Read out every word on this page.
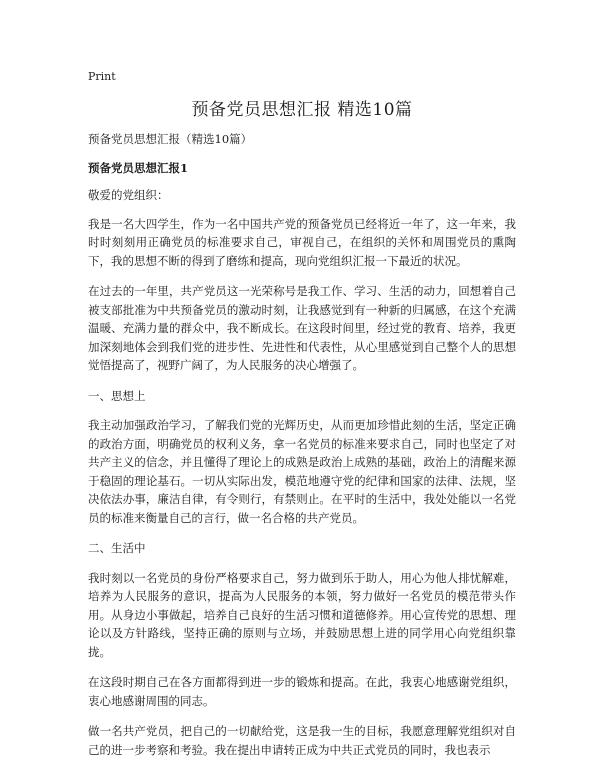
Print
预备党员思想汇报 精选10篇

预备党员思想汇报（精选10篇）

预备党员思想汇报1

敬爱的党组织：

我是一名大四学生，作为一名中国共产党的预备党员已经将近一年了，这一年来，我时时刻刻用正确党员的标准要求自己，审视自己，在组织的关怀和周围党员的熏陶下，我的思想不断的得到了磨练和提高，现向党组织汇报一下最近的状况。

在过去的一年里，共产党员这一光荣称号是我工作、学习、生活的动力，回想着自己被支部批准为中共预备党员的激动时刻，让我感觉到有一种新的归属感，在这个充满温暖、充满力量的群众中，我不断成长。在这段时间里，经过党的教育、培养，我更加深刻地体会到我们党的进步性、先进性和代表性，从心里感觉到自己整个人的思想觉悟提高了，视野广阔了，为人民服务的决心增强了。

一、思想上

我主动加强政治学习，了解我们党的光辉历史，从而更加珍惜此刻的生活，坚定正确的政治方面，明确党员的权利义务，拿一名党员的标准来要求自己，同时也坚定了对共产主义的信念，并且懂得了理论上的成熟是政治上成熟的基础，政治上的清醒来源于稳固的理论基石。一切从实际出发，模范地遵守党的纪律和国家的法律、法规，坚决依法办事，廉洁自律，有令则行，有禁则止。在平时的生活中，我处处能以一名党员的标准来衡量自己的言行，做一名合格的共产党员。

二、生活中

我时刻以一名党员的身份严格要求自己，努力做到乐于助人，用心为他人排忧解难，培养为人民服务的意识，提高为人民服务的本领，努力做好一名党员的模范带头作用。从身边小事做起，培养自己良好的生活习惯和道德修养。用心宣传党的思想、理论以及方针路线，坚持正确的原则与立场，并鼓励思想上进的同学用心向党组织靠拢。

在这段时期自己在各方面都得到进一步的锻炼和提高。在此，我衷心地感谢党组织，衷心地感谢周围的同志。

做一名共产党员，把自己的一切献给党，这是我一生的目标，我愿意理解党组织对自己的进一步考察和考验。我在提出申请转正成为中共正式党员的同时，我也表示
